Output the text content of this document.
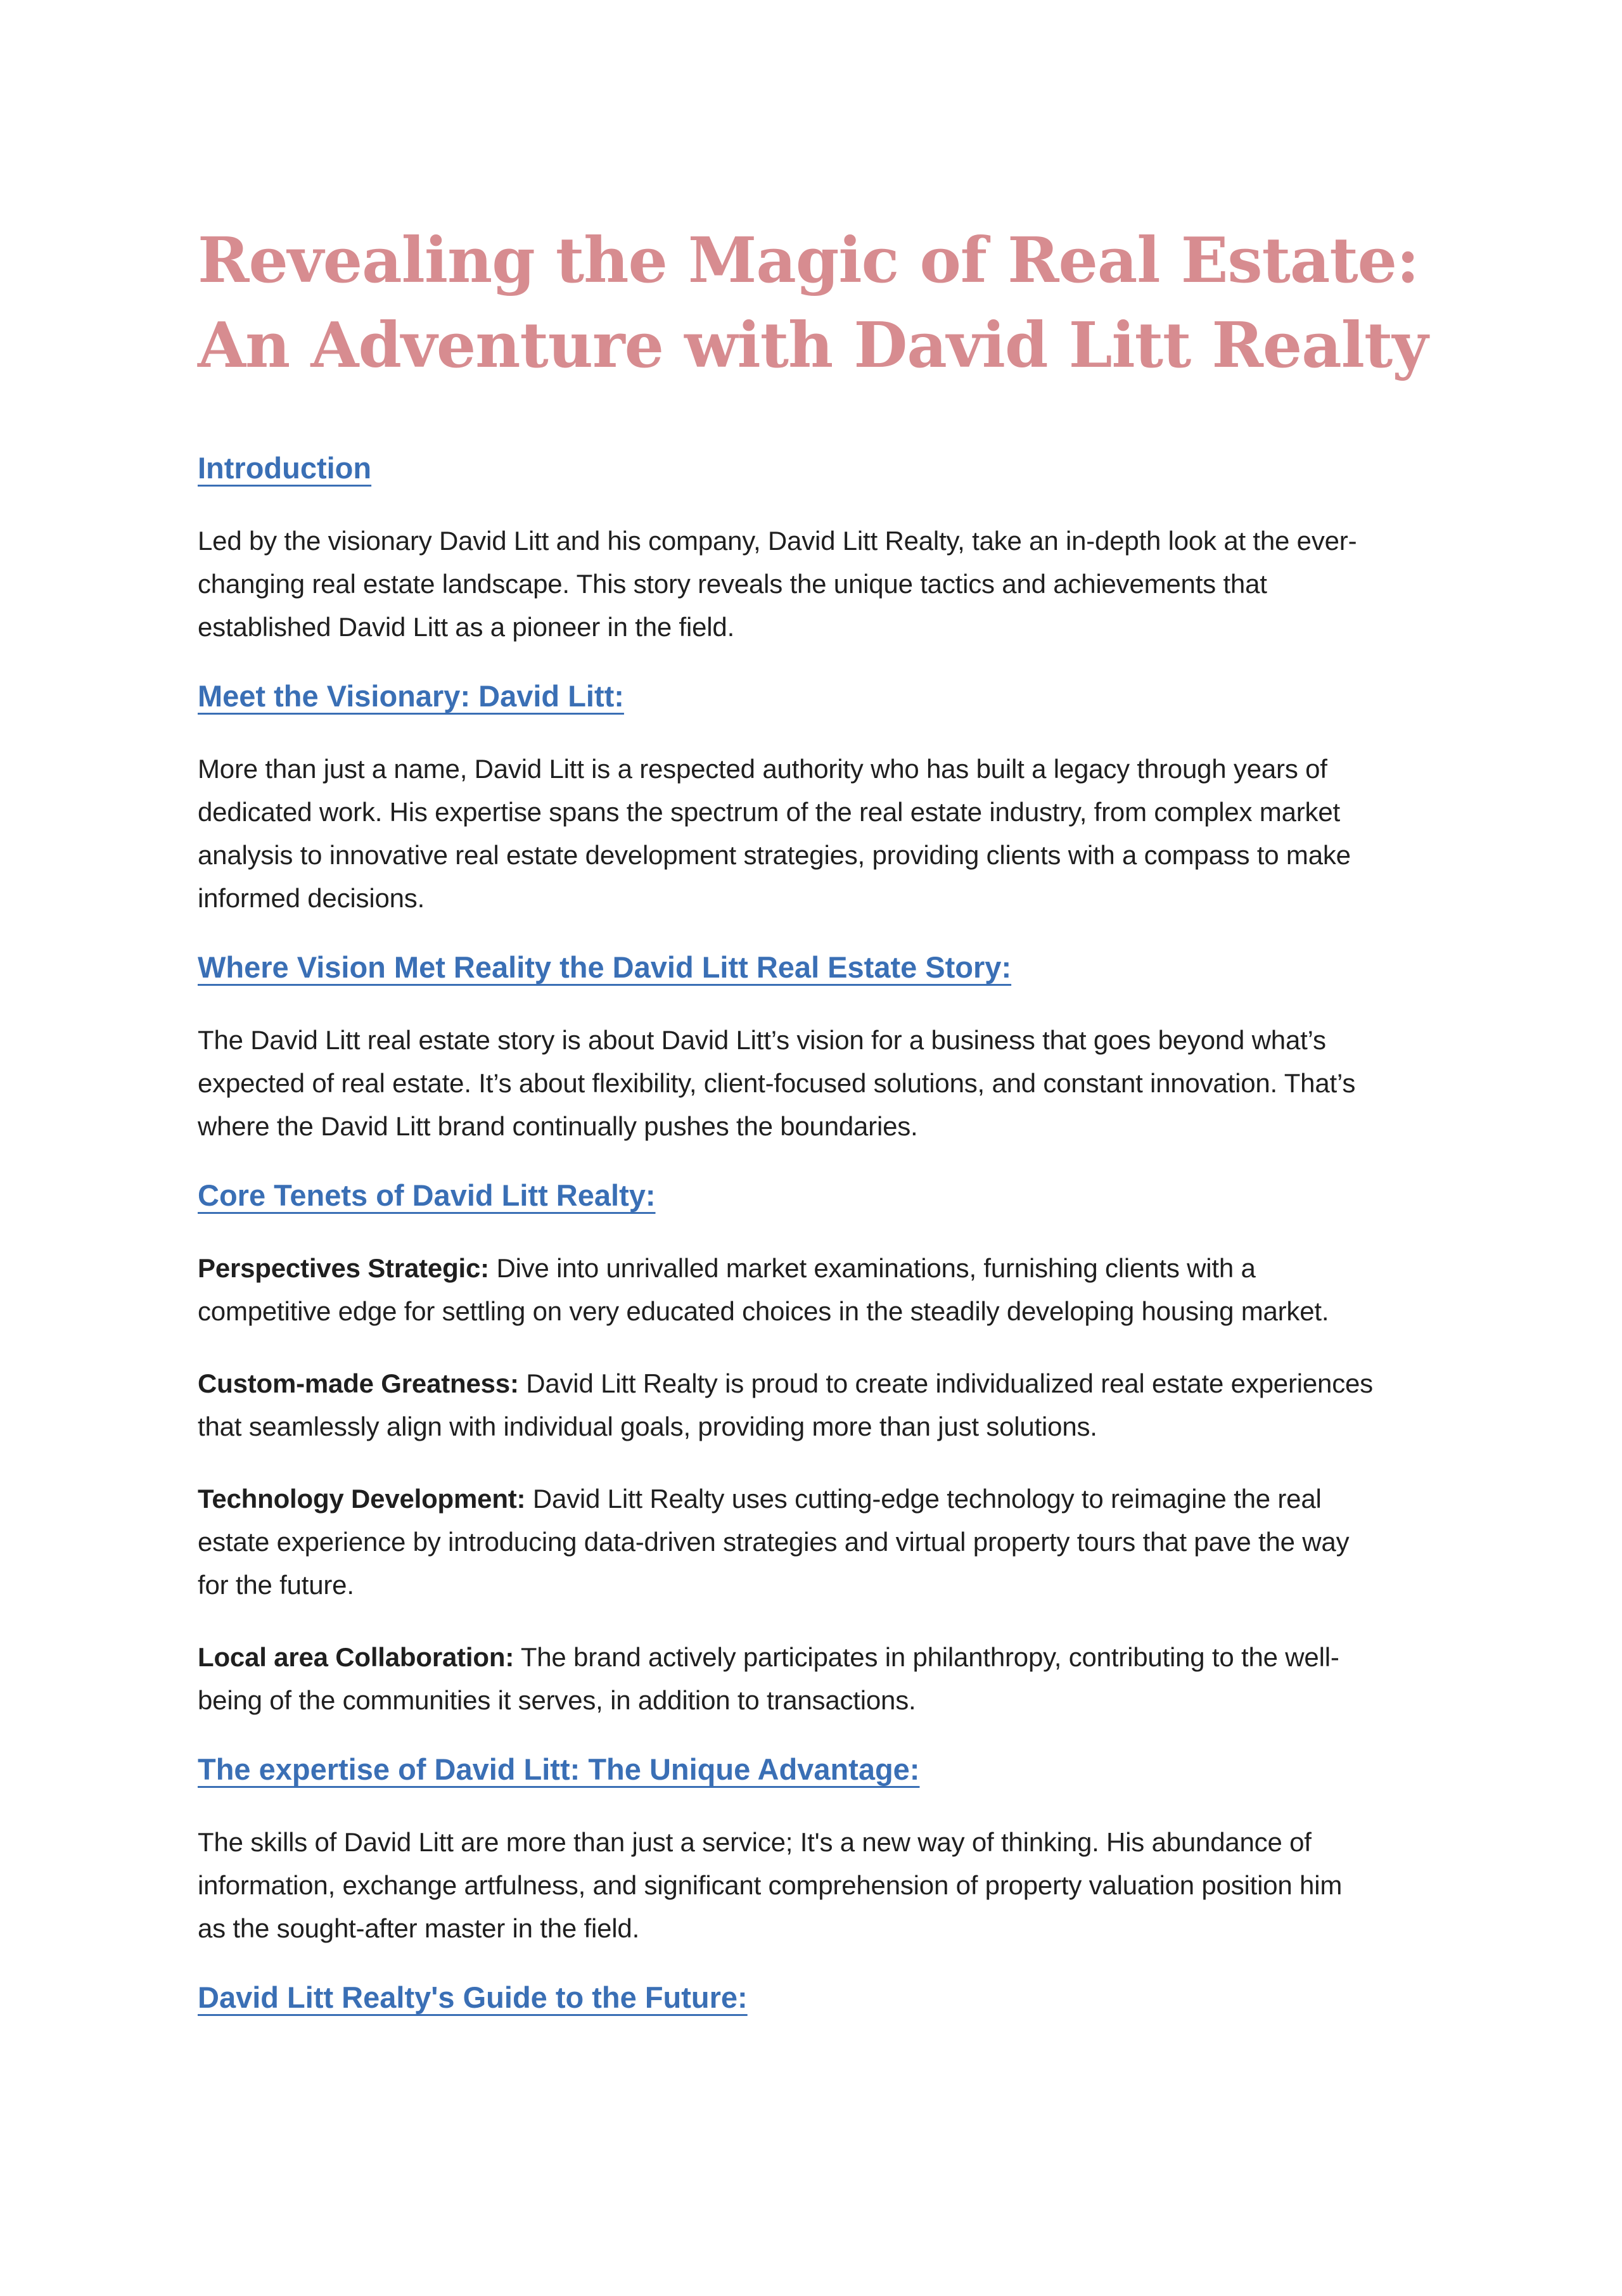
Revealing the Magic of Real Estate:
An Adventure with David Litt Realty
Introduction

Led by the visionary David Litt and his company, David Litt Realty, take an in-depth look at the ever-
changing real estate landscape. This story reveals the unique tactics and achievements that
established David Litt as a pioneer in the field.

Meet the Visionary: David Litt:

More than just a name, David Litt is a respected authority who has built a legacy through years of
dedicated work. His expertise spans the spectrum of the real estate industry, from complex market
analysis to innovative real estate development strategies, providing clients with a compass to make
informed decisions.

Where Vision Met Reality the David Litt Real Estate Story:

The David Litt real estate story is about David Litt’s vision for a business that goes beyond what’s
expected of real estate. It’s about flexibility, client-focused solutions, and constant innovation. That’s
where the David Litt brand continually pushes the boundaries.

Core Tenets of David Litt Realty:

Perspectives Strategic: Dive into unrivalled market examinations, furnishing clients with a
competitive edge for settling on very educated choices in the steadily developing housing market.

Custom-made Greatness: David Litt Realty is proud to create individualized real estate experiences
that seamlessly align with individual goals, providing more than just solutions.

Technology Development: David Litt Realty uses cutting-edge technology to reimagine the real
estate experience by introducing data-driven strategies and virtual property tours that pave the way
for the future.

Local area Collaboration: The brand actively participates in philanthropy, contributing to the well-
being of the communities it serves, in addition to transactions.

The expertise of David Litt: The Unique Advantage:

The skills of David Litt are more than just a service; It's a new way of thinking. His abundance of
information, exchange artfulness, and significant comprehension of property valuation position him
as the sought-after master in the field.

David Litt Realty's Guide to the Future:
